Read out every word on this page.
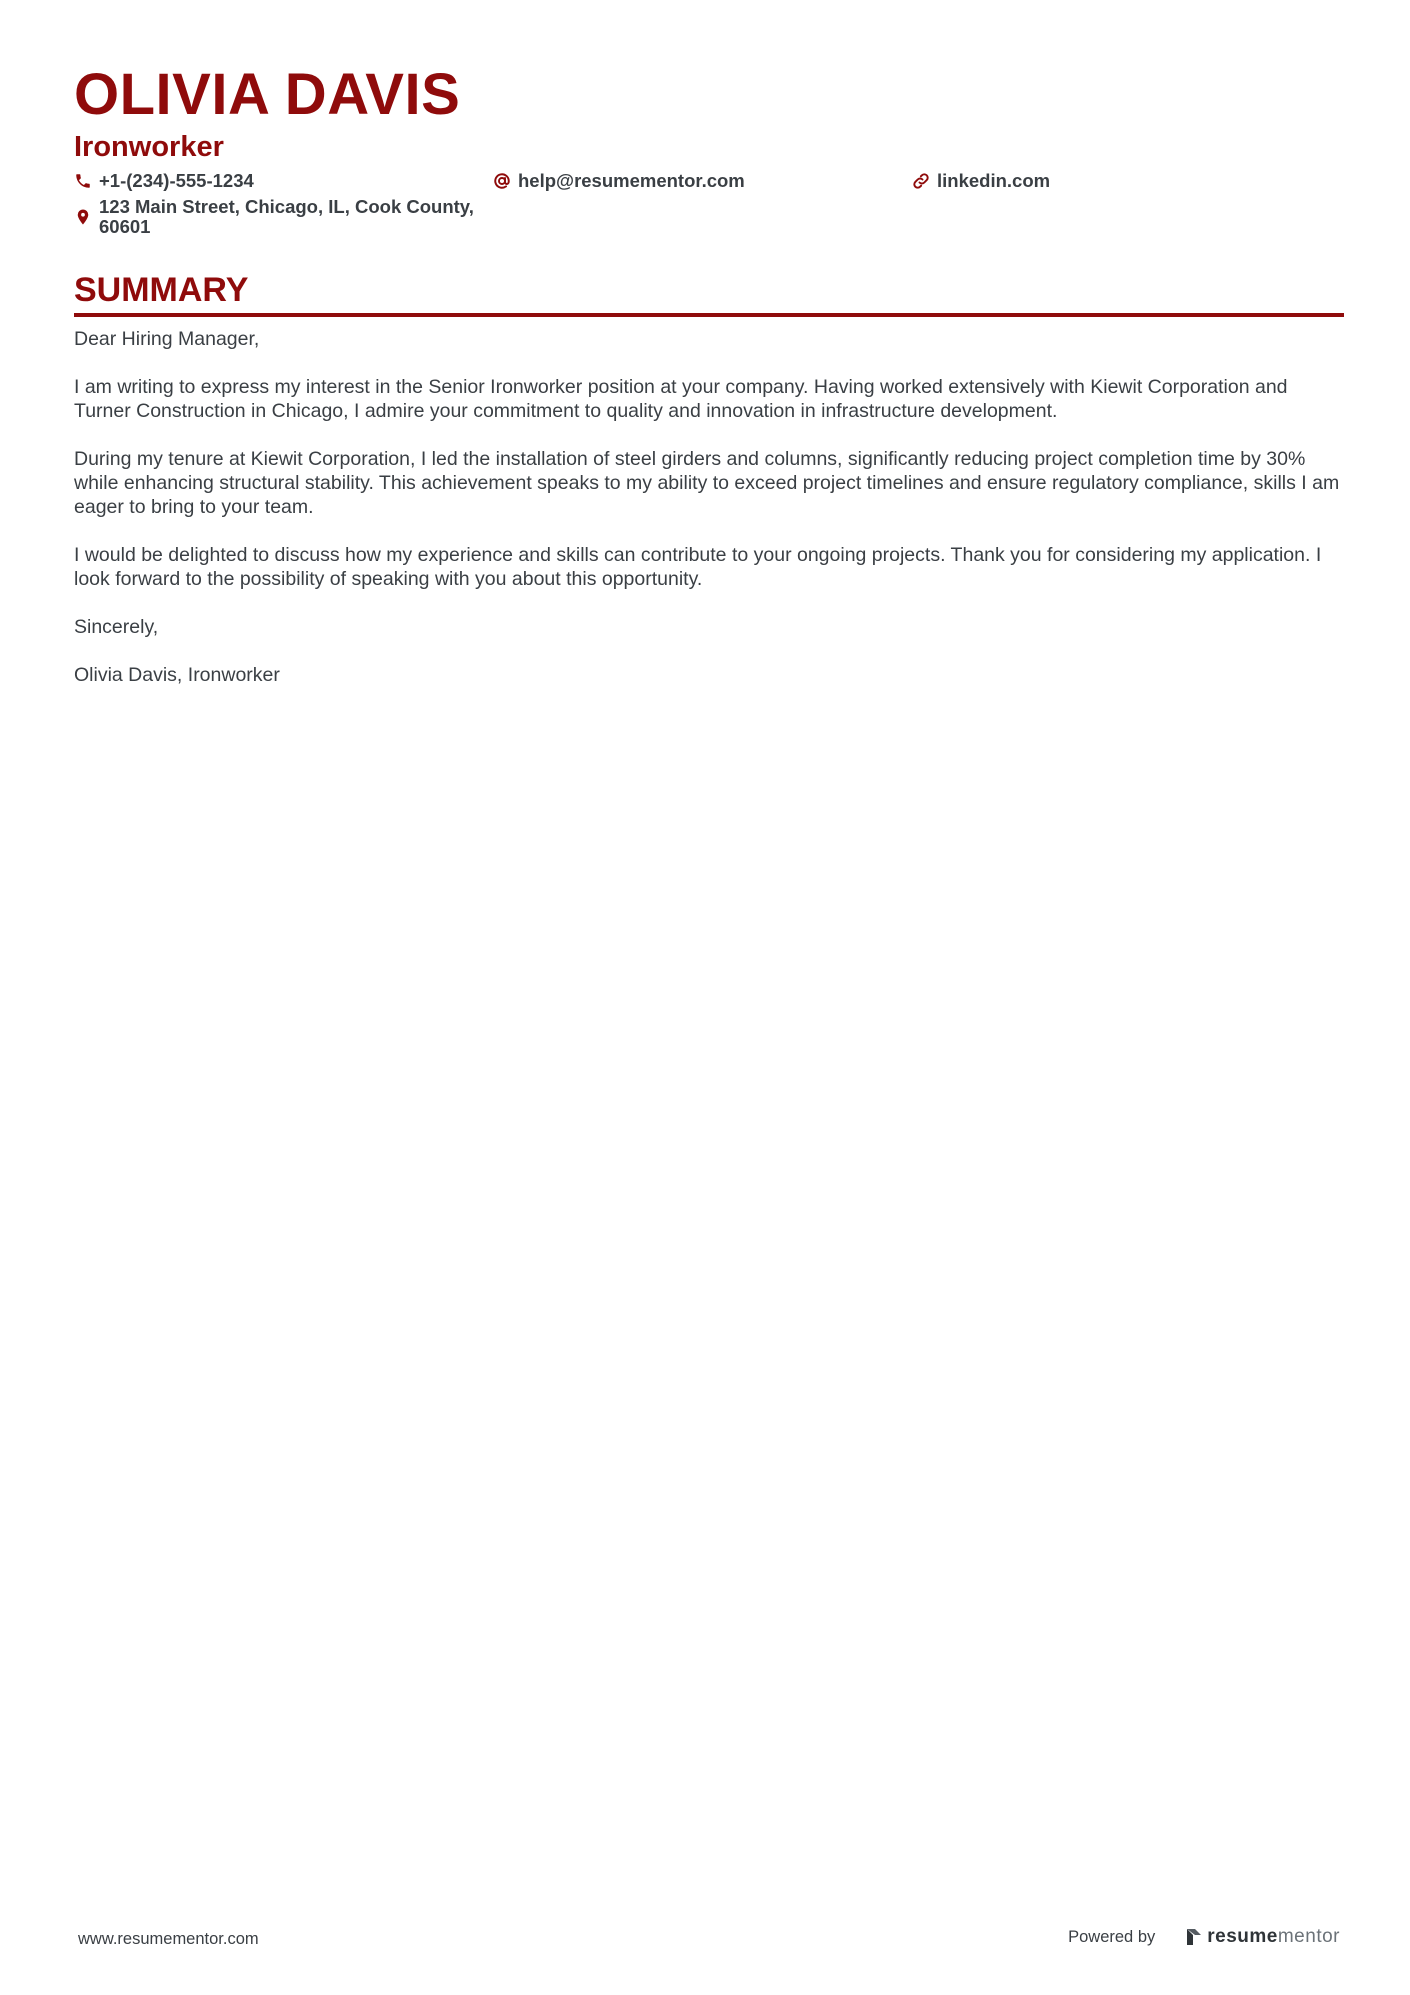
OLIVIA DAVIS
Ironworker
+1-(234)-555-1234	help@resumementor.com	linkedin.com
123 Main Street, Chicago, IL, Cook County, 60601
SUMMARY

Dear Hiring Manager,

I am writing to express my interest in the Senior Ironworker position at your company. Having worked extensively with Kiewit Corporation and Turner Construction in Chicago, I admire your commitment to quality and innovation in infrastructure development.

During my tenure at Kiewit Corporation, I led the installation of steel girders and columns, significantly reducing project completion time by 30% while enhancing structural stability. This achievement speaks to my ability to exceed project timelines and ensure regulatory compliance, skills I am eager to bring to your team.

I would be delighted to discuss how my experience and skills can contribute to your ongoing projects. Thank you for considering my application. I look forward to the possibility of speaking with you about this opportunity.

Sincerely,

Olivia Davis, Ironworker

www.resumementor.com	Powered by	resume mentor
